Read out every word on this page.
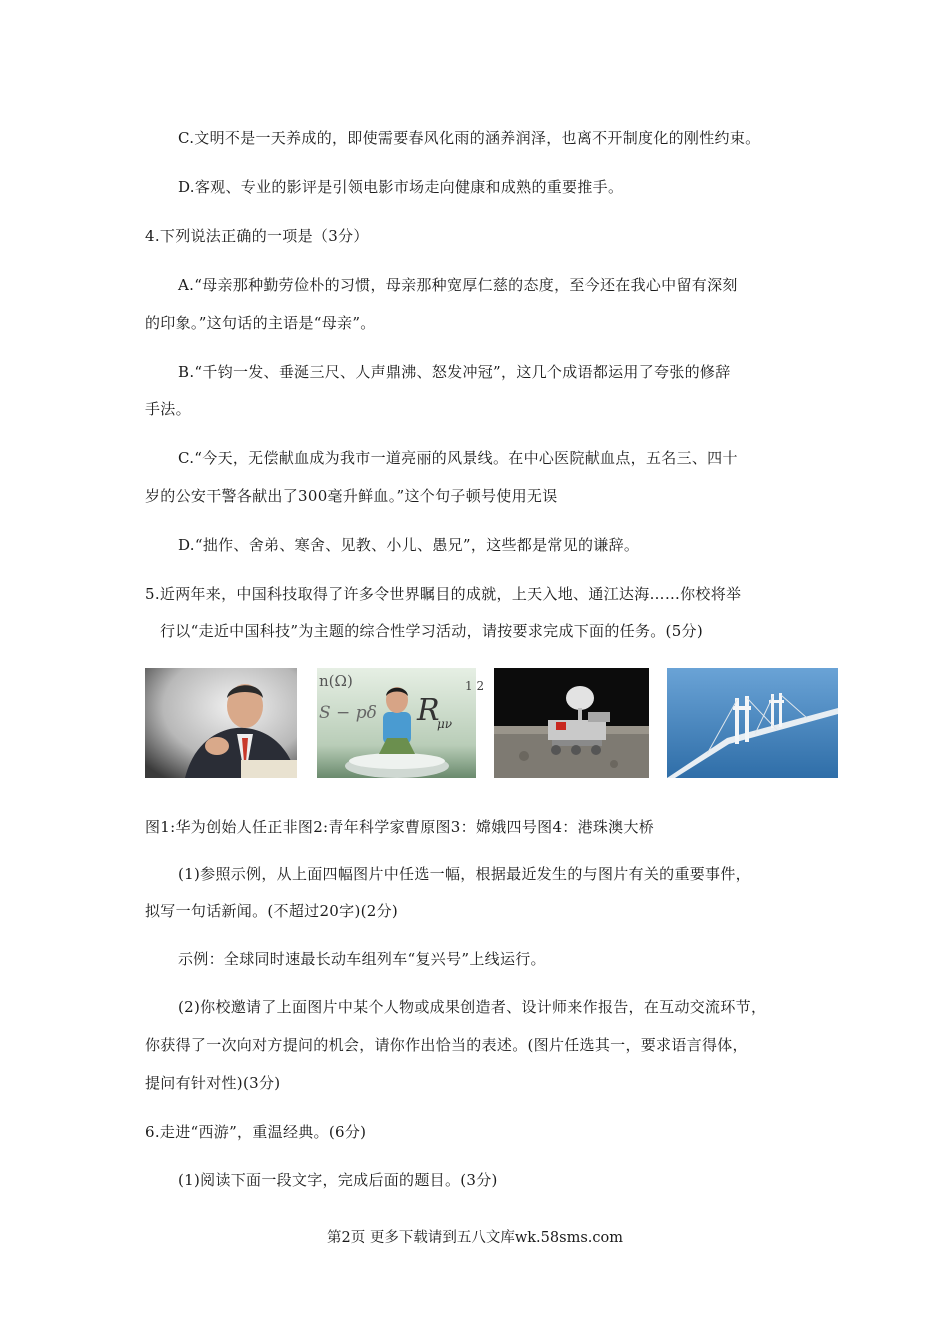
C.文明不是一天养成的，即使需要春风化雨的涵养润泽，也离不开制度化的刚性约束。
D.客观、专业的影评是引领电影市场走向健康和成熟的重要推手。
4.下列说法正确的一项是（3分）
A.“母亲那种勤劳俭朴的习惯，母亲那种宽厚仁慈的态度，至今还在我心中留有深刻
的印象。”这句话的主语是“母亲”。
B.“千钧一发、垂涎三尺、人声鼎沸、怒发冲冠”，这几个成语都运用了夸张的修辞
手法。
C.“今天，无偿献血成为我市一道亮丽的风景线。在中心医院献血点，五名三、四十
岁的公安干警各献出了300毫升鲜血。”这个句子顿号使用无误
D.“拙作、舍弟、寒舍、见教、小儿、愚兄”，这些都是常见的谦辞。
5.近两年来，中国科技取得了许多令世界瞩目的成就，上天入地、通江达海……你校将举
行以“走近中国科技”为主题的综合性学习活动，请按要求完成下面的任务。(5分)
n(Ω)
S − pδ R
μν
1 2
图1:华为创始人任正非图2:青年科学家曹原图3：嫦娥四号图4：港珠澳大桥
(1)参照示例，从上面四幅图片中任选一幅，根据最近发生的与图片有关的重要事件，
拟写一句话新闻。(不超过20字)(2分)
示例：全球同时速最长动车组列车“复兴号”上线运行。
(2)你校邀请了上面图片中某个人物或成果创造者、设计师来作报告，在互动交流环节，
你获得了一次向对方提问的机会，请你作出恰当的表述。(图片任选其一，要求语言得体，
提问有针对性)(3分)
6.走进“西游”，重温经典。(6分)
(1)阅读下面一段文字，完成后面的题目。(3分)
第2页 更多下载请到五八文库wk.58sms.com
